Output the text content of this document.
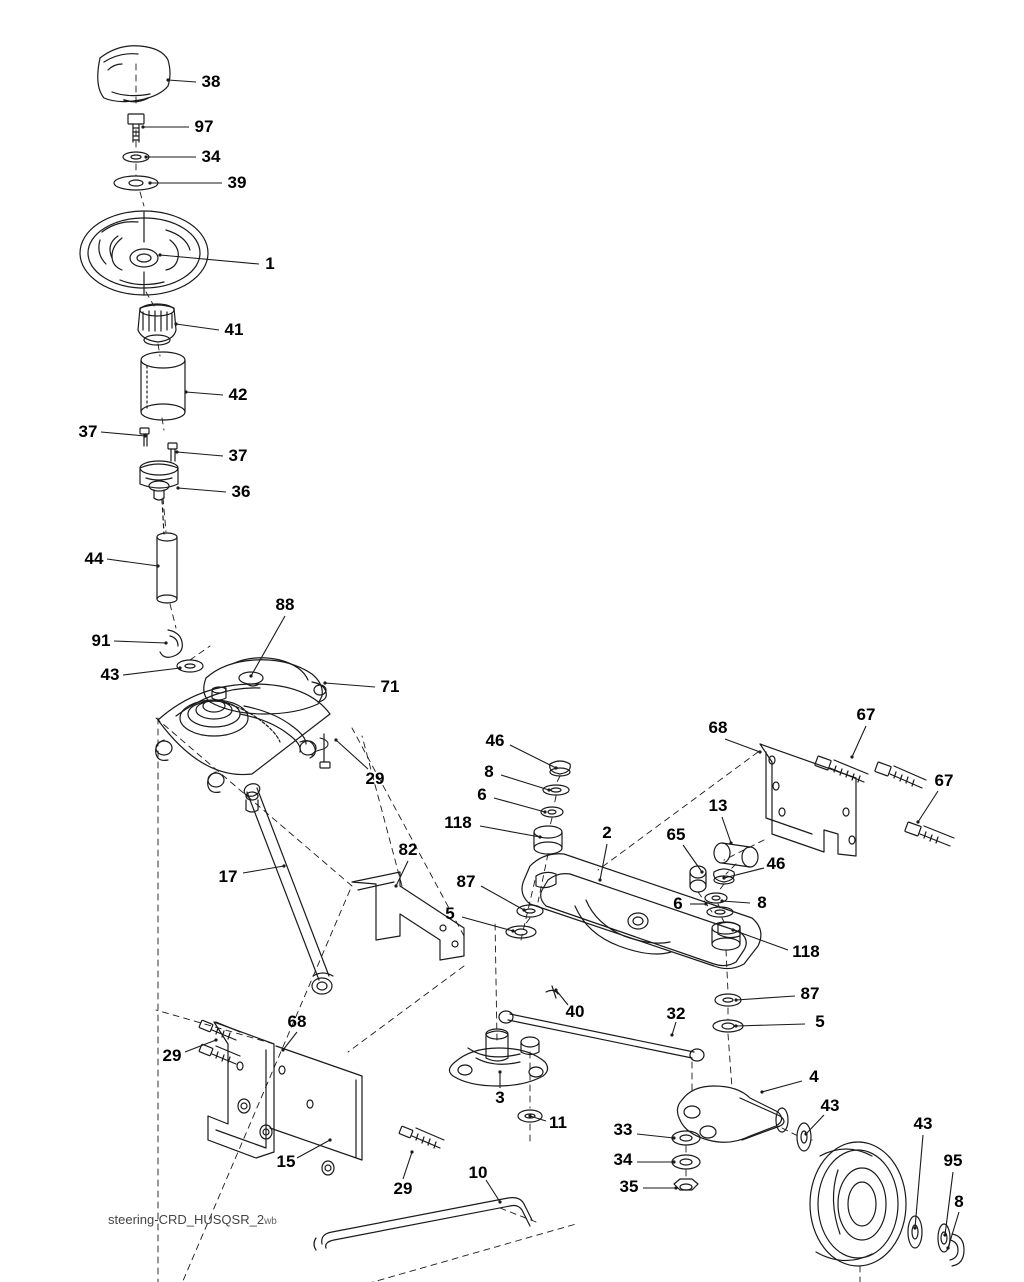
38
97
34
39
1
41
42
37
37
36
44
91
43
88
71
29
17
46
8
6
118
87
5
82
2	65
13
46
6	8
118
87
5
68
67
67
40	32
3
11
10
29
15
29
68
4
43
33
34
35
43
95
8
steering-CRD_HUSQSR_2wb
